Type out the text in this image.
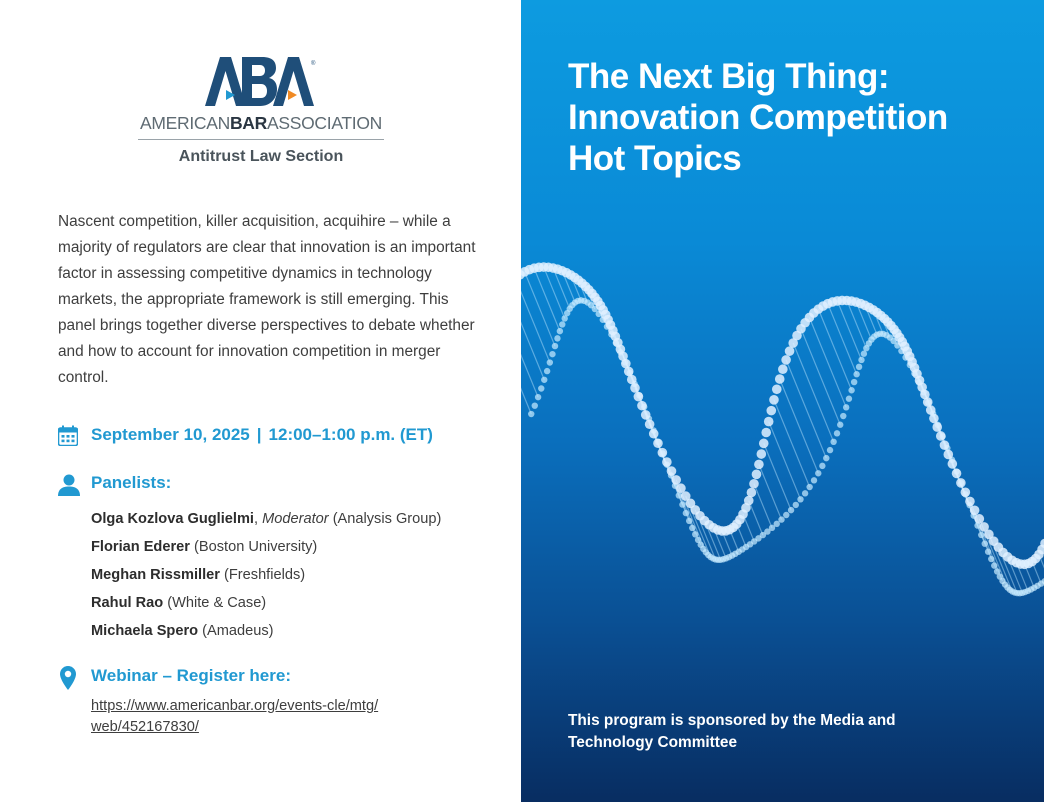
®
AMERICANBARASSOCIATION
Antitrust Law Section

Nascent competition, killer acquisition, acquihire – while a majority of regulators are clear that innovation is an important factor in assessing competitive dynamics in technology markets, the appropriate framework is still emerging. This panel brings together diverse perspectives to debate whether and how to account for innovation competition in merger control.

September 10, 2025 | 12:00–1:00 p.m. (ET)
Panelists:
Olga Kozlova Guglielmi, Moderator (Analysis Group)
Florian Ederer (Boston University)
Meghan Rissmiller (Freshfields)
Rahul Rao (White & Case)
Michaela Spero (Amadeus)
Webinar – Register here:
https://www.americanbar.org/events-cle/mtg/
web/452167830/
The Next Big Thing:
Innovation Competition
Hot Topics

This program is sponsored by the Media and
Technology Committee
